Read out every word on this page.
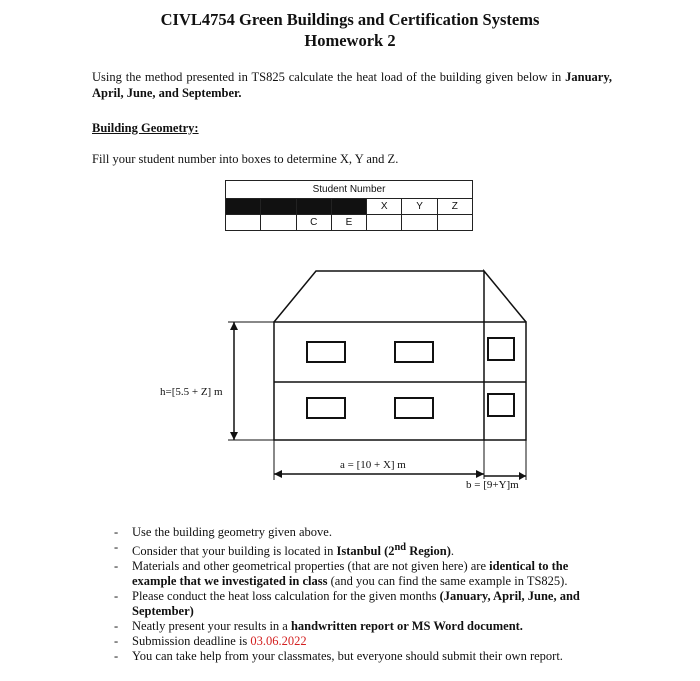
CIVL4754 Green Buildings and Certification Systems
Homework 2
Using the method presented in TS825 calculate the heat load of the building given below in January, April, June, and September.
Building Geometry:
Fill your student number into boxes to determine X, Y and Z.
Student Number						
				X	Y	Z
		C	E			
h=[5.5 + Z] m
a = [10 + X] m
b = [9+Y]m
- Use the building geometry given above.
- Consider that your building is located in Istanbul (2nd Region).
- Materials and other geometrical properties (that are not given here) are identical to the example that we investigated in class (and you can find the same example in TS825).
- Please conduct the heat loss calculation for the given months (January, April, June, and September)
- Neatly present your results in a handwritten report or MS Word document.
- Submission deadline is 03.06.2022
- You can take help from your classmates, but everyone should submit their own report.
